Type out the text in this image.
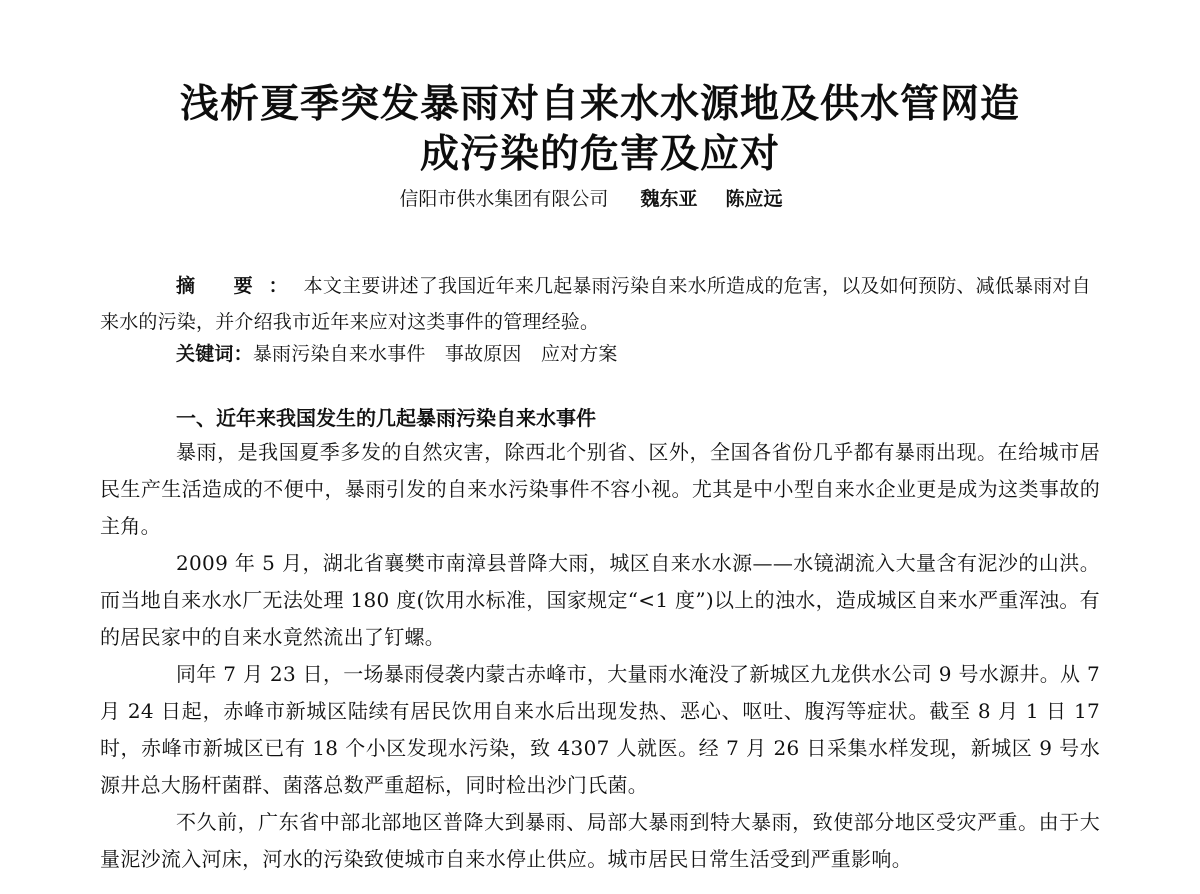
浅析夏季突发暴雨对自来水水源地及供水管网造
成污染的危害及应对
信阳市供水集团有限公司 魏东亚 陈应远
摘 要：本文主要讲述了我国近年来几起暴雨污染自来水所造成的危害，以及如何预防、减低暴雨对自来水的污染，并介绍我市近年来应对这类事件的管理经验。
关键词：暴雨污染自来水事件　事故原因　应对方案
一、近年来我国发生的几起暴雨污染自来水事件

暴雨，是我国夏季多发的自然灾害，除西北个别省、区外，全国各省份几乎都有暴雨出现。在给城市居民生产生活造成的不便中，暴雨引发的自来水污染事件不容小视。尤其是中小型自来水企业更是成为这类事故的主角。

2009 年 5 月，湖北省襄樊市南漳县普降大雨，城区自来水水源——水镜湖流入大量含有泥沙的山洪。而当地自来水水厂无法处理 180 度(饮用水标准，国家规定“<1 度”)以上的浊水，造成城区自来水严重浑浊。有的居民家中的自来水竟然流出了钉螺。

同年 7 月 23 日，一场暴雨侵袭内蒙古赤峰市，大量雨水淹没了新城区九龙供水公司 9 号水源井。从 7 月 24 日起，赤峰市新城区陆续有居民饮用自来水后出现发热、恶心、呕吐、腹泻等症状。截至 8 月 1 日 17 时，赤峰市新城区已有 18 个小区发现水污染，致 4307 人就医。经 7 月 26 日采集水样发现，新城区 9 号水源井总大肠杆菌群、菌落总数严重超标，同时检出沙门氏菌。

不久前，广东省中部北部地区普降大到暴雨、局部大暴雨到特大暴雨，致使部分地区受灾严重。由于大量泥沙流入河床，河水的污染致使城市自来水停止供应。城市居民日常生活受到严重影响。
